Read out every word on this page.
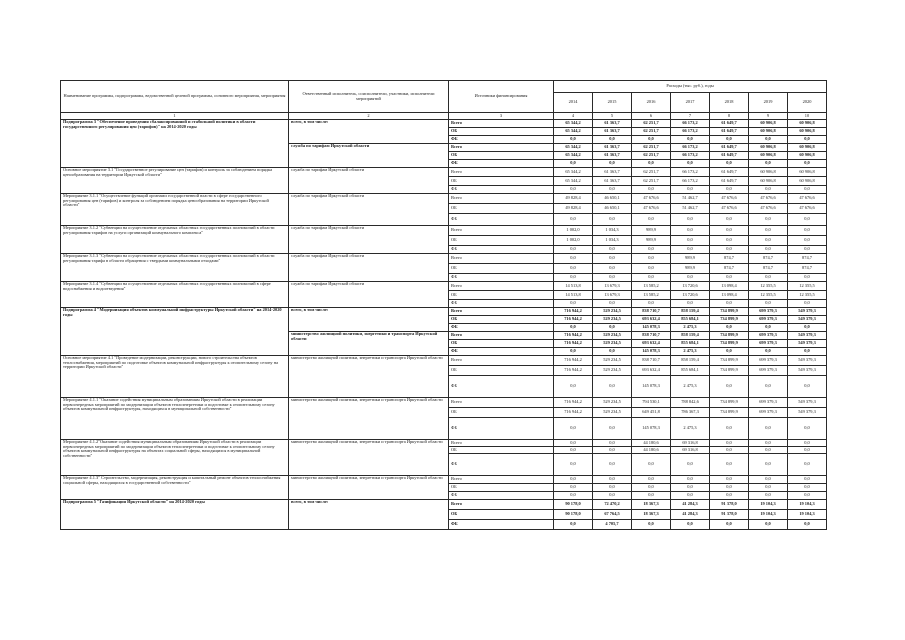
Наименование программы, подпрограммы, ведомственной целевой программы, основного мероприятия, мероприятия	Ответственный исполнитель, соисполнители, участники, исполнители мероприятий	Источники финансирования	Расходы (тыс. руб.), годы						
			2014	2015	2016	2017	2018	2019	2020
1	2	3	4	5	6	7	8	9	10
Подпрограмма 3 "Обеспечение проведения сбалансированной и стабильной политики в области государственного регулирования цен (тарифов)" на 2014-2020 годы	всего, в том числе:	Всего	65 344,2	61 363,7	62 251,7	66 173,2	61 649,7	60 906,8	60 906,8
		ОБ	65 344,2	61 363,7	62 251,7	66 173,2	61 649,7	60 906,8	60 906,8
		ФБ	0,0	0,0	0,0	0,0	0,0	0,0	0,0
	служба по тарифам Иркутской области	Всего	65 344,2	61 363,7	62 251,7	66 173,2	61 649,7	60 906,8	60 906,8
		ОБ	65 344,2	61 363,7	62 251,7	66 173,2	61 649,7	60 906,8	60 906,8
		ФБ	0,0	0,0	0,0	0,0	0,0	0,0	0,0
Основное мероприятие 3.1 "Государственное регулирование цен (тарифов) и контроль за соблюдением порядка ценообразования на территории Иркутской области"	служба по тарифам Иркутской области	Всего	65 344,2	61 363,7	62 251,7	66 173,2	61 649,7	60 906,8	60 906,8
		ОБ	65 344,2	61 363,7	62 251,7	66 173,2	61 649,7	60 906,8	60 906,8
		ФБ	0,0	0,0	0,0	0,0	0,0	0,0	0,0
Мероприятие 3.1.1 "Осуществление функций органами государственной власти в сфере государственного регулирования цен (тарифов) и контроля за соблюдением порядка ценообразования на территории Иркутской области"	служба по тарифам Иркутской области	Всего	49 828,4	46 650,1	47 676,6	51 462,7	47 676,6	47 676,6	47 676,6
		ОБ	49 828,4	46 650,1	47 676,6	51 462,7	47 676,6	47 676,6	47 676,6
		ФБ	0,0	0,0	0,0	0,0	0,0	0,0	0,0
Мероприятие 3.1.2 "Субвенции на осуществление отдельных областных государственных полномочий в области регулирования тарифов на услуги организаций коммунального комплекса"	служба по тарифам Иркутской области	Всего	1 002,0	1 034,3	989,9	0,0	0,0	0,0	0,0
		ОБ	1 002,0	1 034,3	989,9	0,0	0,0	0,0	0,0
		ФБ	0,0	0,0	0,0	0,0	0,0	0,0	0,0
Мероприятие 3.1.3 "Субвенции на осуществление отдельных областных государственных полномочий в области регулирования тарифа в области обращения с твердыми коммунальными отходами"	служба по тарифам Иркутской области	Всего	0,0	0,0	0,0	989,9	874,7	874,7	874,7
		ОБ	0,0	0,0	0,0	989,9	874,7	874,7	874,7
		ФБ	0,0	0,0	0,0	0,0	0,0	0,0	0,0
Мероприятие 3.1.4 "Субвенции на осуществление отдельных областных государственных полномочий в сфере водоснабжения и водоотведения"	служба по тарифам Иркутской области	Всего	14 513,8	13 679,3	13 585,2	13 720,6	13 098,4	12 355,5	12 355,5
		ОБ	14 513,8	13 679,3	13 585,2	13 720,6	13 098,4	12 355,5	12 355,5
		ФБ	0,0	0,0	0,0	0,0	0,0	0,0	0,0
Подпрограмма 4 "Модернизация объектов коммунальной инфраструктуры Иркутской области" на 2014-2020 годы	всего, в том числе:	Всего	716 944,2	529 234,5	838 710,7	858 159,4	734 899,9	699 379,3	549 379,3
		ОБ	716 944,2	529 234,5	693 632,4	855 684,1	734 899,9	699 379,3	549 379,3
		ФБ	0,0	0,0	145 078,3	2 475,3	0,0	0,0	0,0
	министерство жилищной политики, энергетики и транспорта Иркутской области	Всего	716 944,2	529 234,5	838 710,7	858 159,4	734 899,9	699 379,3	549 379,3
		ОБ	716 944,2	529 234,5	693 632,4	855 684,1	734 899,9	699 379,3	549 379,3
		ФБ	0,0	0,0	145 078,3	2 475,3	0,0	0,0	0,0
Основное мероприятие 4.1 "Проведение модернизации, реконструкции, нового строительства объектов теплоснабжения, мероприятий по подготовке объектов коммунальной инфраструктуры к отопительному сезону на территории Иркутской области"	министерство жилищной политики, энергетики и транспорта Иркутской области	Всего	716 944,2	529 234,5	838 710,7	858 159,4	734 899,9	699 379,3	549 379,3
		ОБ	716 944,2	529 234,5	693 632,4	855 684,1	734 899,9	699 379,3	549 379,3
		ФБ	0,0	0,0	145 078,3	2 475,3	0,0	0,0	0,0
Мероприятие 4.1.1 "Оказание содействия муниципальным образованиям Иркутской области в реализации первоочередных мероприятий по модернизации объектов теплоэнергетики и подготовке к отопительному сезону объектов коммунальной инфраструктуры, находящихся в муниципальной собственности"	министерство жилищной политики, энергетики и транспорта Иркутской области	Всего	716 944,2	529 234,5	794 530,1	788 842,6	734 899,9	699 379,3	549 379,3
		ОБ	716 944,2	529 234,5	649 451,8	786 367,3	734 899,9	699 379,3	549 379,3
		ФБ	0,0	0,0	145 078,3	2 475,3	0,0	0,0	0,0
Мероприятие 4.1.2"Оказание содействия муниципальным образованиям Иркутской области в реализации первоочередных мероприятий по модернизации объектов теплоэнергетики и подготовке к отопительному сезону объектов коммунальной инфраструктуры на объектах социальной сферы, находящихся в муниципальной собственности"	министерство жилищной политики, энергетики и транспорта Иркутской области	Всего	0,0	0,0	44 180,6	69 316,8	0,0	0,0	0,0
		ОБ	0,0	0,0	44 180,6	69 316,8	0,0	0,0	0,0
		ФБ	0,0	0,0	0,0	0,0	0,0	0,0	0,0
Мероприятие 4.1.3" Строительство, модернизация, реконструкция и капитальный ремонт объектов теплоснабжения социальной сферы, находящихся в государственной собственности"	министерство жилищной политики, энергетики и транспорта Иркутской области	Всего	0,0	0,0	0,0	0,0	0,0	0,0	0,0
		ОБ	0,0	0,0	0,0	0,0	0,0	0,0	0,0
		ФБ	0,0	0,0	0,0	0,0	0,0	0,0	0,0
Подпрограмма 5 "Газификация Иркутской области" на 2014-2020 годы	всего, в том числе:	Всего	90 178,0	72 470,2	18 367,3	41 284,3	91 378,0	19 104,3	19 104,3
		ОБ	90 178,0	67 764,5	18 367,3	41 284,3	91 378,0	19 104,3	19 104,3
		ФБ	0,0	4 705,7	0,0	0,0	0,0	0,0	0,0
